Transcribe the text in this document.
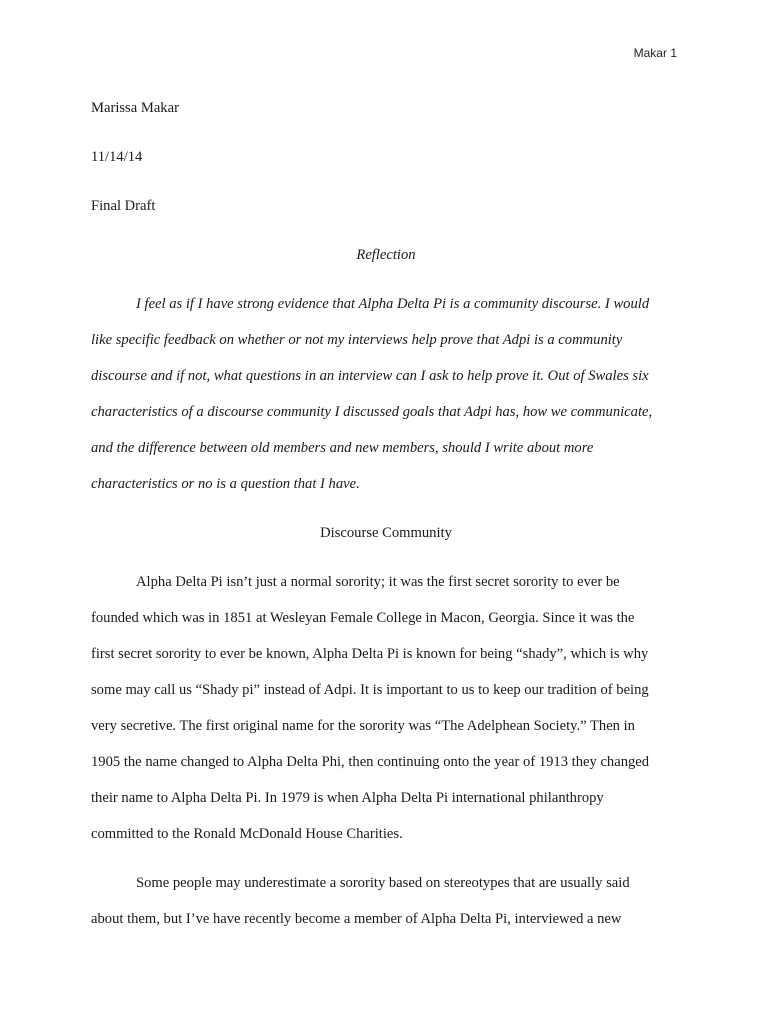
Makar 1

Marissa Makar

11/14/14

Final Draft

Reflection

I feel as if I have strong evidence that Alpha Delta Pi is a community discourse. I would

like specific feedback on whether or not my interviews help prove that Adpi is a community

discourse and if not, what questions in an interview can I ask to help prove it. Out of Swales six

characteristics of a discourse community I discussed goals that Adpi has, how we communicate,

and the difference between old members and new members, should I write about more

characteristics or no is a question that I have.

Discourse Community

Alpha Delta Pi isn’t just a normal sorority; it was the first secret sorority to ever be

founded which was in 1851 at Wesleyan Female College in Macon, Georgia. Since it was the

first secret sorority to ever be known, Alpha Delta Pi is known for being “shady”, which is why

some may call us “Shady pi” instead of Adpi. It is important to us to keep our tradition of being

very secretive. The first original name for the sorority was “The Adelphean Society.” Then in

1905 the name changed to Alpha Delta Phi, then continuing onto the year of 1913 they changed

their name to Alpha Delta Pi. In 1979 is when Alpha Delta Pi international philanthropy

committed to the Ronald McDonald House Charities.

Some people may underestimate a sorority based on stereotypes that are usually said

about them, but I’ve have recently become a member of Alpha Delta Pi, interviewed a new
